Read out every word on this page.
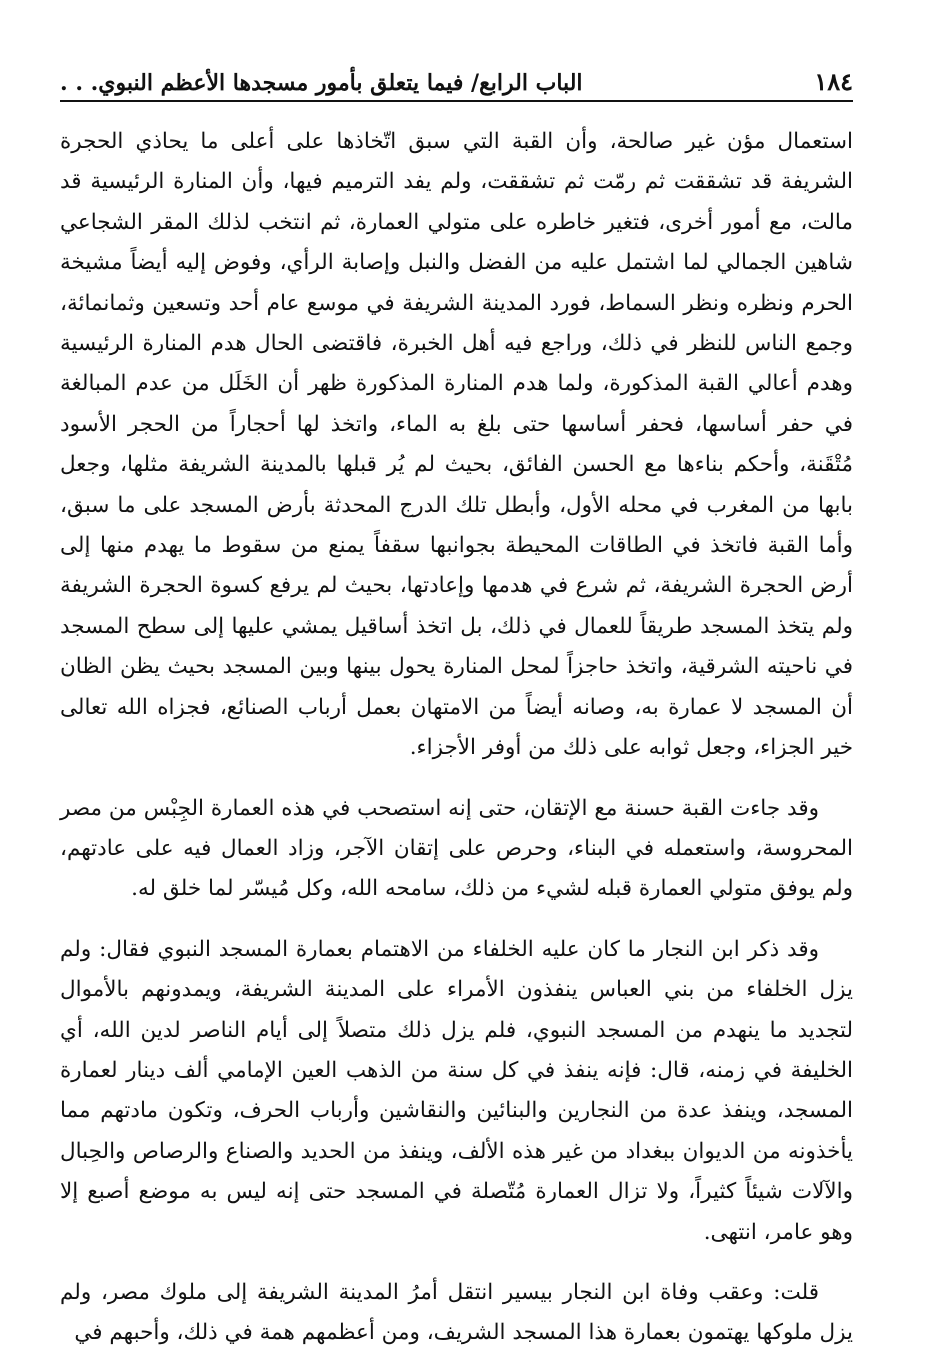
١٨٤
الباب الرابع/ فيما يتعلق بأمور مسجدها الأعظم النبوي. . .

استعمال مؤن غير صالحة، وأن القبة التي سبق اتّخاذها على أعلى ما يحاذي الحجرة الشريفة قد تشققت ثم رمّت ثم تشققت، ولم يفد الترميم فيها، وأن المنارة الرئيسية قد مالت، مع أمور أخرى، فتغير خاطره على متولي العمارة، ثم انتخب لذلك المقر الشجاعي شاهين الجمالي لما اشتمل عليه من الفضل والنبل وإصابة الرأي، وفوض إليه أيضاً مشيخة الحرم ونظره ونظر السماط، فورد المدينة الشريفة في موسع عام أحد وتسعين وثمانمائة، وجمع الناس للنظر في ذلك، وراجع فيه أهل الخبرة، فاقتضى الحال هدم المنارة الرئيسية وهدم أعالي القبة المذكورة، ولما هدم المنارة المذكورة ظهر أن الخَلَل من عدم المبالغة في حفر أساسها، فحفر أساسها حتى بلغ به الماء، واتخذ لها أحجاراً من الحجر الأسود مُتْقَنة، وأحكم بناءها مع الحسن الفائق، بحيث لم يُر قبلها بالمدينة الشريفة مثلها، وجعل بابها من المغرب في محله الأول، وأبطل تلك الدرج المحدثة بأرض المسجد على ما سبق، وأما القبة فاتخذ في الطاقات المحيطة بجوانبها سقفاً يمنع من سقوط ما يهدم منها إلى أرض الحجرة الشريفة، ثم شرع في هدمها وإعادتها، بحيث لم يرفع كسوة الحجرة الشريفة ولم يتخذ المسجد طريقاً للعمال في ذلك، بل اتخذ أساقيل يمشي عليها إلى سطح المسجد في ناحيته الشرقية، واتخذ حاجزاً لمحل المنارة يحول بينها وبين المسجد بحيث يظن الظان أن المسجد لا عمارة به، وصانه أيضاً من الامتهان بعمل أرباب الصنائع، فجزاه الله تعالى خير الجزاء، وجعل ثوابه على ذلك من أوفر الأجزاء.

وقد جاءت القبة حسنة مع الإتقان، حتى إنه استصحب في هذه العمارة الجِبْس من مصر المحروسة، واستعمله في البناء، وحرص على إتقان الآجر، وزاد العمال فيه على عادتهم، ولم يوفق متولي العمارة قبله لشيء من ذلك، سامحه الله، وكل مُيسّر لما خلق له.

وقد ذكر ابن النجار ما كان عليه الخلفاء من الاهتمام بعمارة المسجد النبوي فقال: ولم يزل الخلفاء من بني العباس ينفذون الأمراء على المدينة الشريفة، ويمدونهم بالأموال لتجديد ما ينهدم من المسجد النبوي، فلم يزل ذلك متصلاً إلى أيام الناصر لدين الله، أي الخليفة في زمنه، قال: فإنه ينفذ في كل سنة من الذهب العين الإمامي ألف دينار لعمارة المسجد، وينفذ عدة من النجارين والبنائين والنقاشين وأرباب الحرف، وتكون مادتهم مما يأخذونه من الديوان ببغداد من غير هذه الألف، وينفذ من الحديد والصناع والرصاص والحِبال والآلات شيئاً كثيراً، ولا تزال العمارة مُتّصلة في المسجد حتى إنه ليس به موضع أصبع إلا وهو عامر، انتهى.

قلت: وعقب وفاة ابن النجار بيسير انتقل أمرُ المدينة الشريفة إلى ملوك مصر، ولم يزل ملوكها يهتمون بعمارة هذا المسجد الشريف، ومن أعظمهم همة في ذلك، وأحبهم في
